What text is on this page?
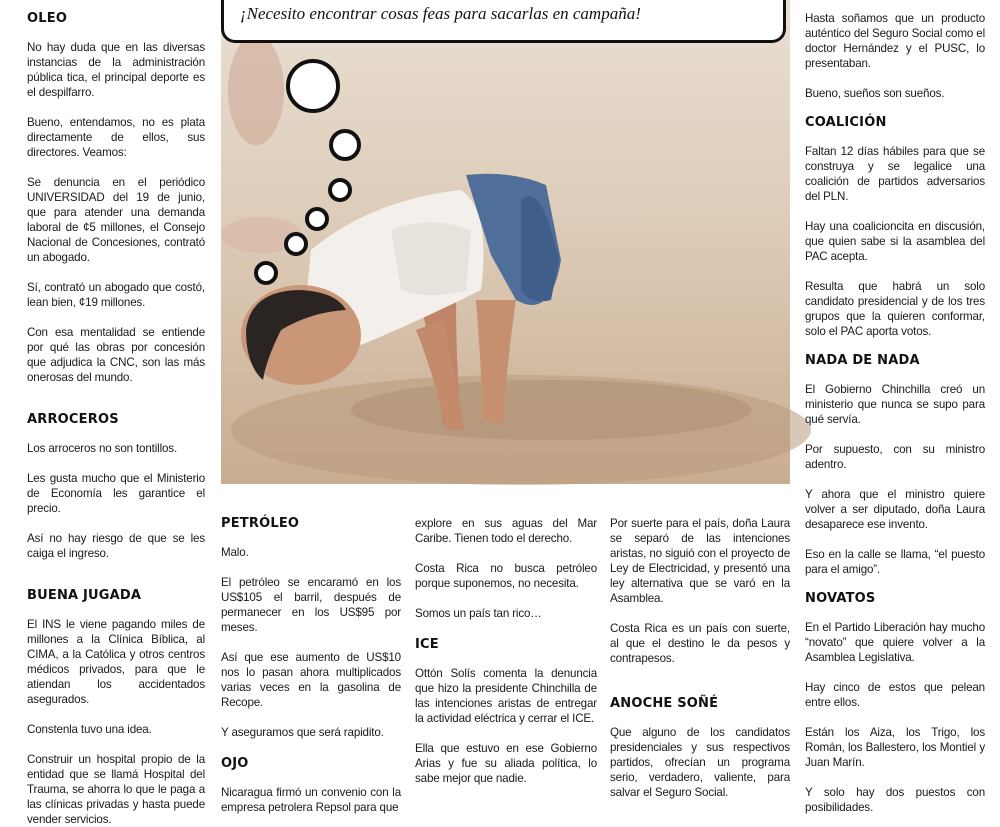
OLEO

No hay duda que en las diversas instancias de la administración pública tica, el principal deporte es el despilfarro.

Bueno, entendamos, no es plata directamente de ellos, sus directores. Veamos:

Se denuncia en el periódico UNIVERSIDAD del 19 de junio, que para atender una demanda laboral de ¢5 millones, el Consejo Nacional de Concesiones, contrató un abogado.

Sí, contrató un abogado que costó, lean bien, ¢19 millones.

Con esa mentalidad se entiende por qué las obras por concesión que adjudica la CNC, son las más onerosas del mundo.

ARROCEROS

Los arroceros no son tontillos.

Les gusta mucho que el Ministerio de Economía les garantice el precio.

Así no hay riesgo de que se les caiga el ingreso.

BUENA JUGADA

El INS le viene pagando miles de millones a la Clínica Bíblica, al CIMA, a la Católica y otros centros médicos privados, para que le atiendan los accidentados asegurados.

Constenla tuvo una idea.

Construir un hospital propio de la entidad que se llamá Hospital del Trauma, se ahorra lo que le paga a las clínicas privadas y hasta puede vender servicios.

¡Necesito encontrar cosas feas para sacarlas en campaña!
PETRÓLEO

Malo.

El petróleo se encaramó en los US$105 el barril, después de permanecer en los US$95 por meses.

Así que ese aumento de US$10 nos lo pasan ahora multiplicados varias veces en la gasolina de Recope.

Y aseguramos que será rapidito.

OJO

Nicaragua firmó un convenio con la empresa petrolera Repsol para que

explore en sus aguas del Mar Caribe. Tienen todo el derecho.

Costa Rica no busca petróleo porque suponemos, no necesita.

Somos un país tan rico…

ICE

Ottón Solís comenta la denuncia que hizo la presidente Chinchilla de las intenciones aristas de entregar la actividad eléctrica y cerrar el ICE.

Ella que estuvo en ese Gobierno Arias y fue su aliada política, lo sabe mejor que nadie.

Por suerte para el país, doña Laura se separó de las intenciones aristas, no siguió con el proyecto de Ley de Electricidad, y presentó una ley alternativa que se varó en la Asamblea.

Costa Rica es un país con suerte, al que el destino le da pesos y contrapesos.

ANOCHE SOÑÉ

Que alguno de los candidatos presidenciales y sus respectivos partidos, ofrecían un programa serio, verdadero, valiente, para salvar el Seguro Social.

Hasta soñamos que un producto auténtico del Seguro Social como el doctor Hernández y el PUSC, lo presentaban.

Bueno, sueños son sueños.

COALICIÓN

Faltan 12 días hábiles para que se construya y se legalice una coalición de partidos adversarios del PLN.

Hay una coalicioncita en discusión, que quien sabe si la asamblea del PAC acepta.

Resulta que habrá un solo candidato presidencial y de los tres grupos que la quieren conformar, solo el PAC aporta votos.

NADA DE NADA

El Gobierno Chinchilla creó un ministerio que nunca se supo para qué servía.

Por supuesto, con su ministro adentro.

Y ahora que el ministro quiere volver a ser diputado, doña Laura desaparece ese invento.

Eso en la calle se llama, “el puesto para el amigo”.

NOVATOS

En el Partido Liberación hay mucho “novato” que quiere volver a la Asamblea Legislativa.

Hay cinco de estos que pelean entre ellos.

Están los Aiza, los Trigo, los Román, los Ballestero, los Montiel y Juan Marín.

Y solo hay dos puestos con posibilidades.
